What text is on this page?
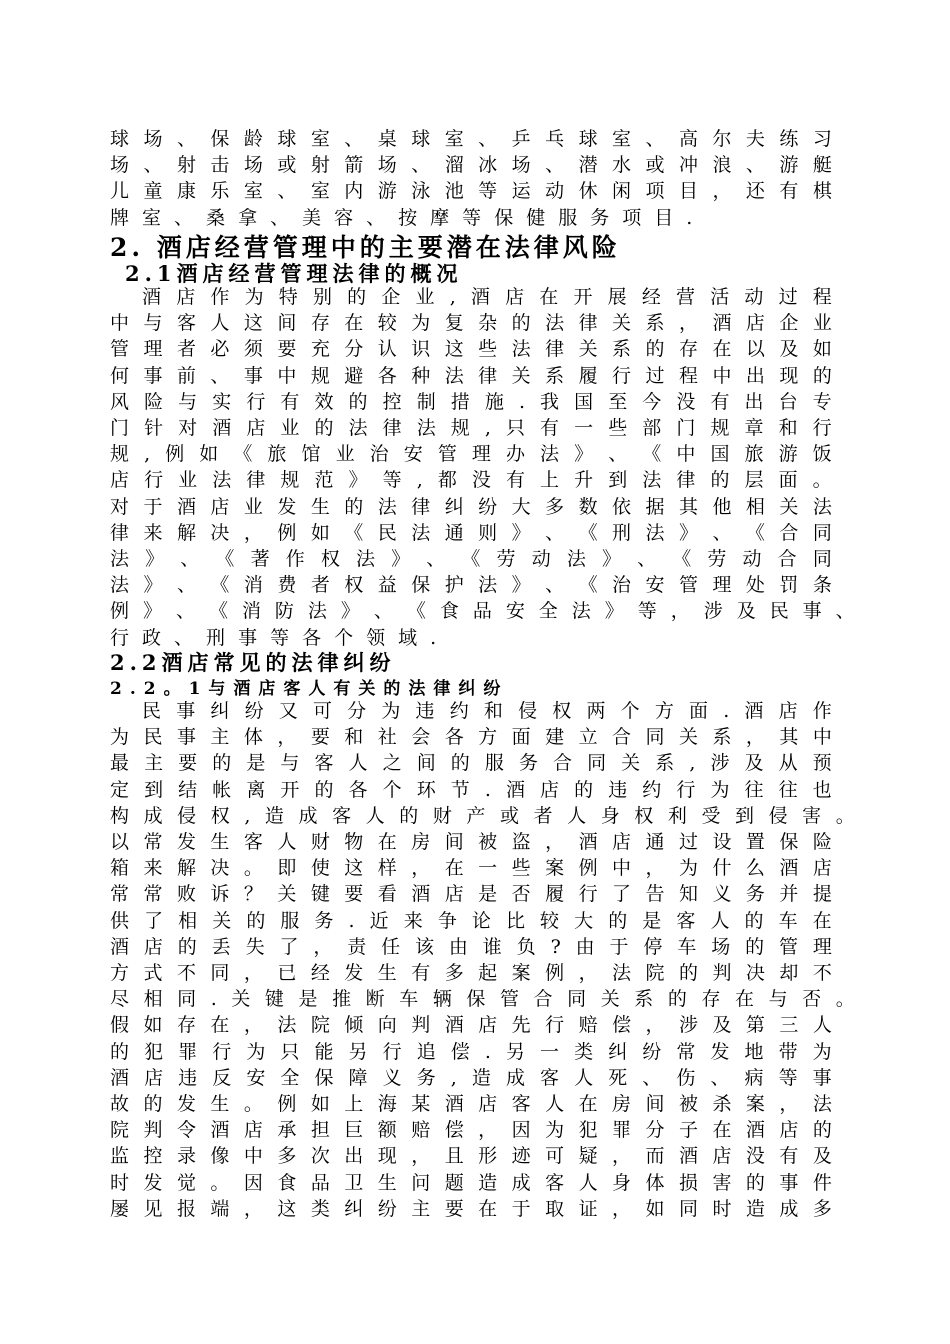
球 场 、 保 龄 球 室 、 桌 球 室 、 乒 乓 球 室 、 高 尔 夫 练 习
场 、 射 击 场 或 射 箭 场 、 溜 冰 场 、 潜 水 或 冲 浪 、 游 艇
儿 童 康 乐 室 、 室 内 游 泳 池 等 运 动 休 闲 项 目 ， 还 有 棋
牌 室 、 桑 拿 、 美 容 、 按 摩 等 保 健 服 务 项 目 .
2. 酒店经营管理中的主要潜在法律风险
2.1酒店经营管理法律的概况
酒 店 作 为 特 别 的 企 业 , 酒 店 在 开 展 经 营 活 动 过 程
中 与 客 人 这 间 存 在 较 为 复 杂 的 法 律 关 系 ， 酒 店 企 业
管 理 者 必 须 要 充 分 认 识 这 些 法 律 关 系 的 存 在 以 及 如
何 事 前 、 事 中 规 避 各 种 法 律 关 系 履 行 过 程 中 出 现 的
风 险 与 实 行 有 效 的 控 制 措 施 . 我 国 至 今 没 有 出 台 专
门 针 对 酒 店 业 的 法 律 法 规 , 只 有 一 些 部 门 规 章 和 行
规 , 例 如 《 旅 馆 业 治 安 管 理 办 法 》 、 《 中 国 旅 游 饭
店 行 业 法 律 规 范 》 等 , 都 没 有 上 升 到 法 律 的 层 面 。
对 于 酒 店 业 发 生 的 法 律 纠 纷 大 多 数 依 据 其 他 相 关 法
律 来 解 决 ， 例 如 《 民 法 通 则 》 、 《 刑 法 》 、 《 合 同
法 》 、 《 著 作 权 法 》 、 《 劳 动 法 》 、 《 劳 动 合 同
法 》 、 《 消 费 者 权 益 保 护 法 》 、 《 治 安 管 理 处 罚 条
例 》 、 《 消 防 法 》 、 《 食 品 安 全 法 》 等 ， 涉 及 民 事 、
行 政 、 刑 事 等 各 个 领 域 .
2.2酒店常见的法律纠纷
2.2。1与酒店客人有关的法律纠纷
民 事 纠 纷 又 可 分 为 违 约 和 侵 权 两 个 方 面 . 酒 店 作
为 民 事 主 体 ， 要 和 社 会 各 方 面 建 立 合 同 关 系 ， 其 中
最 主 要 的 是 与 客 人 之 间 的 服 务 合 同 关 系 , 涉 及 从 预
定 到 结 帐 离 开 的 各 个 环 节 . 酒 店 的 违 约 行 为 往 往 也
构 成 侵 权 , 造 成 客 人 的 财 产 或 者 人 身 权 利 受 到 侵 害 。
以 常 发 生 客 人 财 物 在 房 间 被 盗 ， 酒 店 通 过 设 置 保 险
箱 来 解 决 。 即 使 这 样 ， 在 一 些 案 例 中 ， 为 什 么 酒 店
常 常 败 诉 ？ 关 键 要 看 酒 店 是 否 履 行 了 告 知 义 务 并 提
供 了 相 关 的 服 务 . 近 来 争 论 比 较 大 的 是 客 人 的 车 在
酒 店 的 丢 失 了 ， 责 任 该 由 谁 负 ? 由 于 停 车 场 的 管 理
方 式 不 同 ， 已 经 发 生 有 多 起 案 例 ， 法 院 的 判 决 却 不
尽 相 同 . 关 键 是 推 断 车 辆 保 管 合 同 关 系 的 存 在 与 否 。
假 如 存 在 ， 法 院 倾 向 判 酒 店 先 行 赔 偿 ， 涉 及 第 三 人
的 犯 罪 行 为 只 能 另 行 追 偿 . 另 一 类 纠 纷 常 发 地 带 为
酒 店 违 反 安 全 保 障 义 务 , 造 成 客 人 死 、 伤 、 病 等 事
故 的 发 生 。 例 如 上 海 某 酒 店 客 人 在 房 间 被 杀 案 ， 法
院 判 令 酒 店 承 担 巨 额 赔 偿 ， 因 为 犯 罪 分 子 在 酒 店 的
监 控 录 像 中 多 次 出 现 ， 且 形 迹 可 疑 ， 而 酒 店 没 有 及
时 发 觉 。 因 食 品 卫 生 问 题 造 成 客 人 身 体 损 害 的 事 件
屡 见 报 端 ， 这 类 纠 纷 主 要 在 于 取 证 ， 如 同 时 造 成 多
